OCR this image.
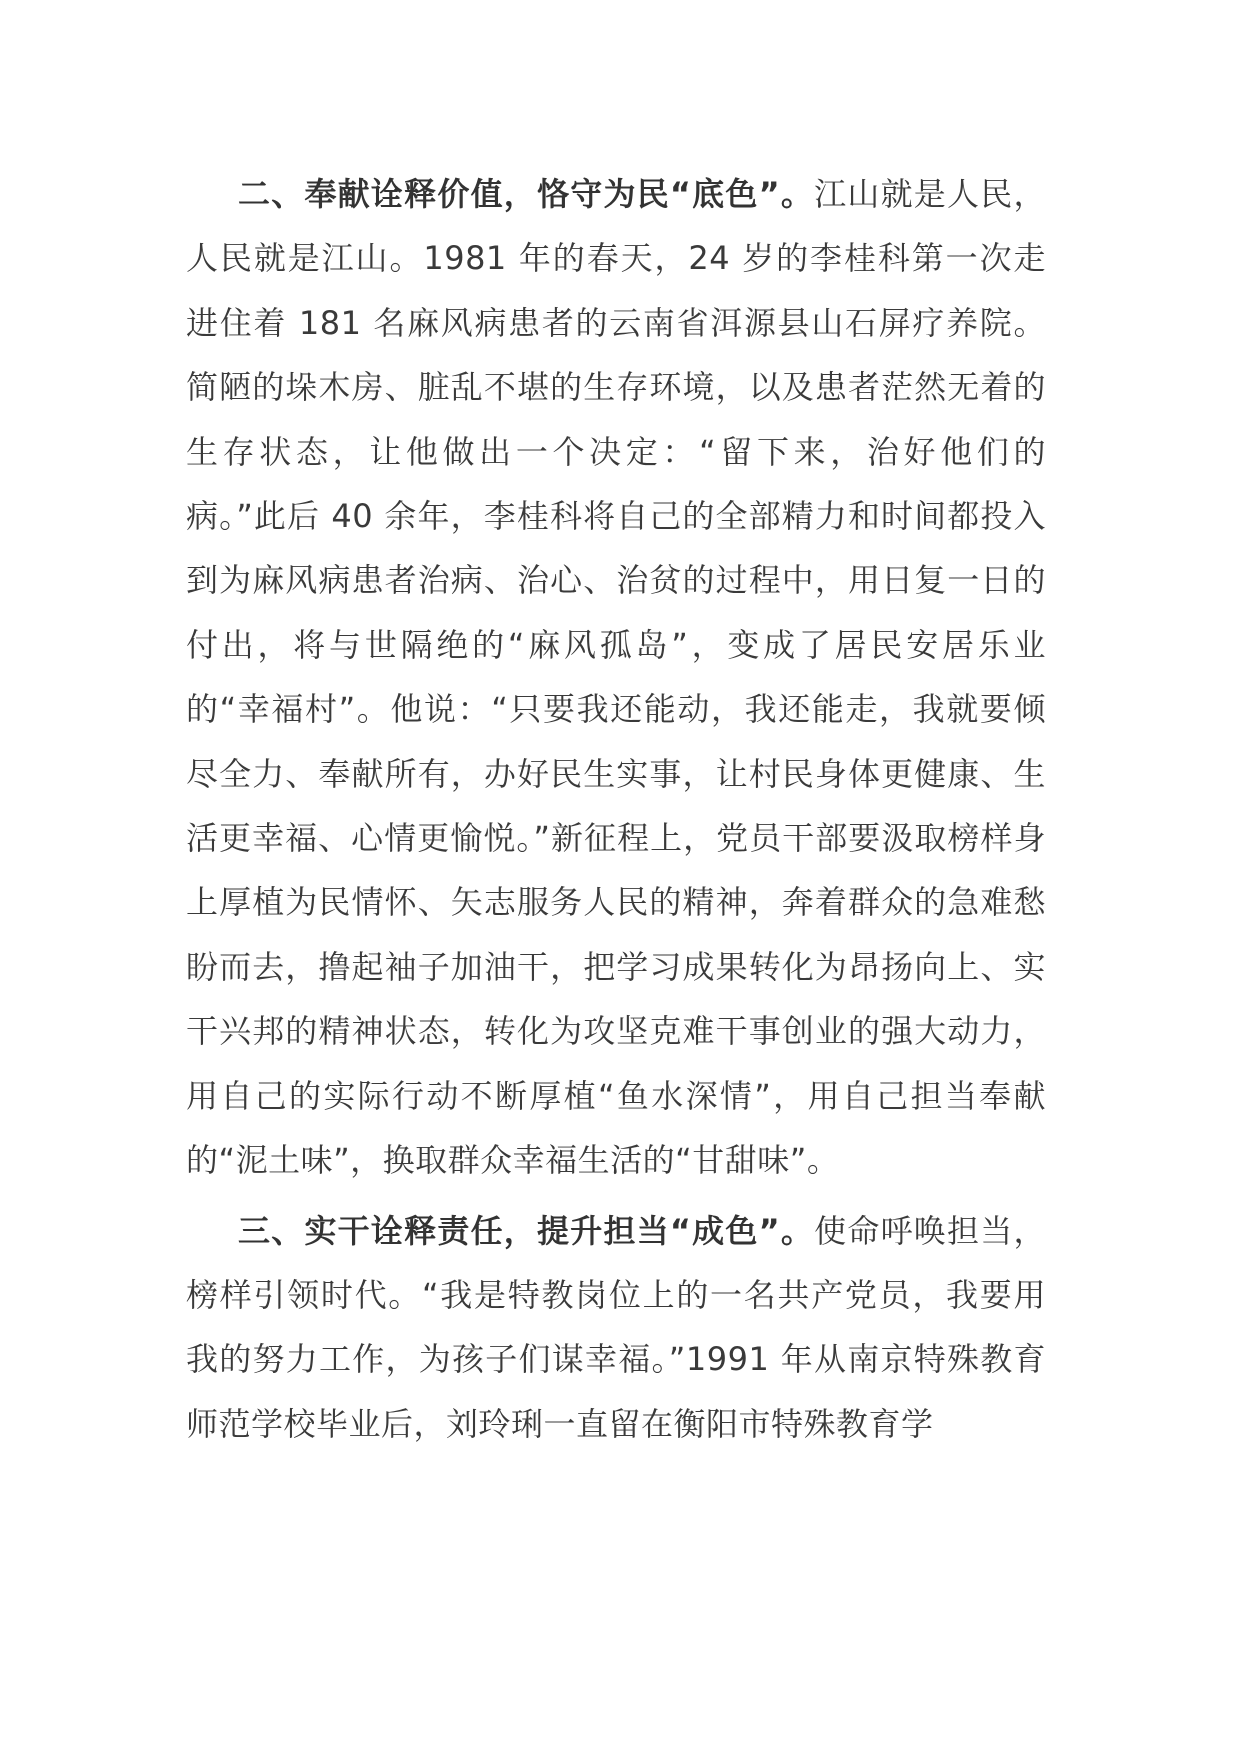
二、奉献诠释价值，恪守为民“底色”。江山就是人民，人民就是江山。1981 年的春天，24 岁的李桂科第一次走进住着 181 名麻风病患者的云南省洱源县山石屏疗养院。简陋的垛木房、脏乱不堪的生存环境，以及患者茫然无着的生存状态，让他做出一个决定：“留下来，治好他们的病。”此后 40 余年，李桂科将自己的全部精力和时间都投入到为麻风病患者治病、治心、治贫的过程中，用日复一日的付出，将与世隔绝的“麻风孤岛”，变成了居民安居乐业的“幸福村”。他说：“只要我还能动，我还能走，我就要倾尽全力、奉献所有，办好民生实事，让村民身体更健康、生活更幸福、心情更愉悦。”新征程上，党员干部要汲取榜样身上厚植为民情怀、矢志服务人民的精神，奔着群众的急难愁盼而去，撸起袖子加油干，把学习成果转化为昂扬向上、实干兴邦的精神状态，转化为攻坚克难干事创业的强大动力，用自己的实际行动不断厚植“鱼水深情”，用自己担当奉献的“泥土味”，换取群众幸福生活的“甘甜味”。

三、实干诠释责任，提升担当“成色”。使命呼唤担当，榜样引领时代。“我是特教岗位上的一名共产党员，我要用我的努力工作，为孩子们谋幸福。”1991 年从南京特殊教育师范学校毕业后，刘玲琍一直留在衡阳市特殊教育学
